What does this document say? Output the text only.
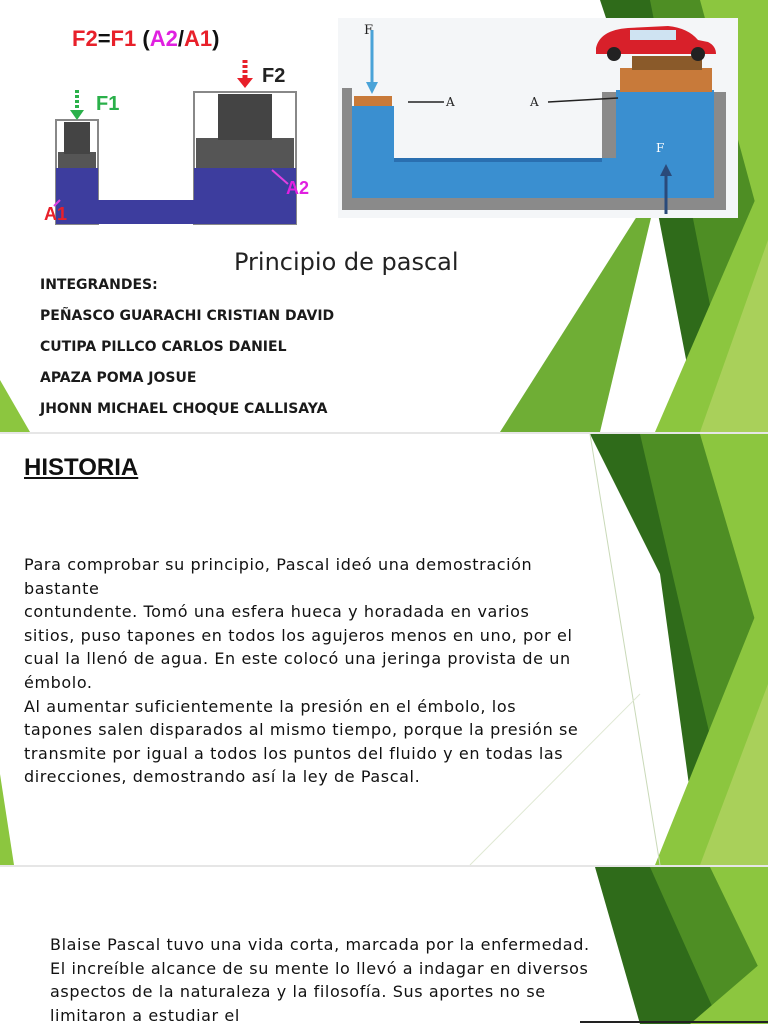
F2=F1 (A2/A1)
F1
F2
A1
A2
F
A	A
F
Principio de pascal
INTEGRANDES:
PEÑASCO GUARACHI CRISTIAN DAVID
CUTIPA PILLCO CARLOS DANIEL
APAZA POMA JOSUE
JHONN MICHAEL CHOQUE CALLISAYA
HISTORIA

Para comprobar su principio, Pascal ideó una demostración bastante

contundente. Tomó una esfera hueca y horadada en varios sitios, puso tapones en todos los agujeros menos en uno, por el cual la llenó de agua. En este colocó una jeringa provista de un émbolo.

Al aumentar suficientemente la presión en el émbolo, los tapones salen disparados al mismo tiempo, porque la presión se transmite por igual a todos los puntos del fluido y en todas las direcciones, demostrando así la ley de Pascal.

Blaise Pascal tuvo una vida corta, marcada por la enfermedad. El increíble alcance de su mente lo llevó a indagar en diversos aspectos de la naturaleza y la filosofía. Sus aportes no se limitaron a estudiar el
